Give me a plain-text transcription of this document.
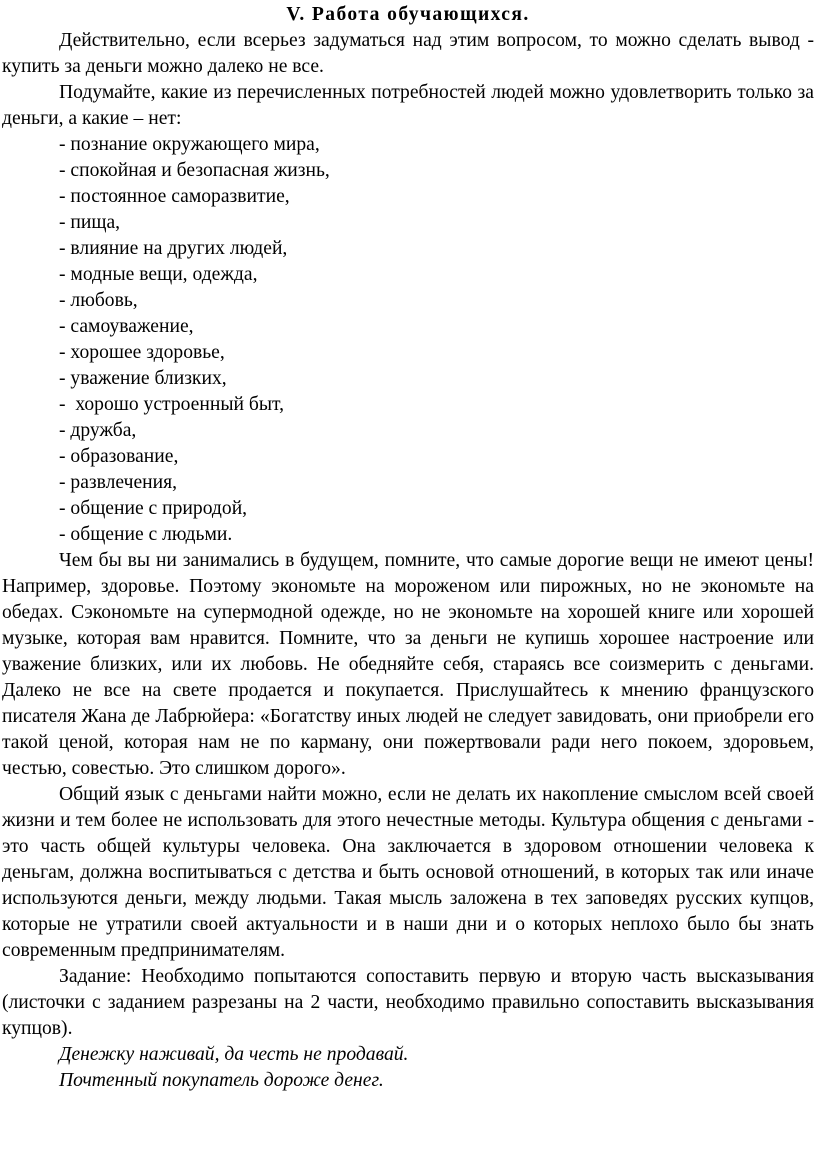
V. Работа обучающихся.

Действительно, если всерьез задуматься над этим вопросом, то можно сделать вывод - купить за деньги можно далеко не все.

Подумайте, какие из перечисленных потребностей людей можно удовлетворить только за деньги, а какие – нет:

- познание окружающего мира,
- спокойная и безопасная жизнь,
- постоянное саморазвитие,
- пища,
- влияние на других людей,
- модные вещи, одежда,
- любовь,
- самоуважение,
- хорошее здоровье,
- уважение близких,
-  хорошо устроенный быт,
- дружба,
- образование,
- развлечения,
- общение с природой,
- общение с людьми.

Чем бы вы ни занимались в будущем, помните, что самые дорогие вещи не имеют цены! Например, здоровье. Поэтому экономьте на мороженом или пирожных, но не экономьте на обедах. Сэкономьте на супермодной одежде, но не экономьте на хорошей книге или хорошей музыке, которая вам нравится. Помните, что за деньги не купишь хорошее настроение или уважение близких, или их любовь. Не обедняйте себя, стараясь все соизмерить с деньгами. Далеко не все на свете продается и покупается. Прислушайтесь к мнению французского писателя Жана де Лабрюйера: «Богатству иных людей не следует завидовать, они приобрели его такой ценой, которая нам не по карману, они пожертвовали ради него покоем, здоровьем, честью, совестью. Это слишком дорого».

Общий язык с деньгами найти можно, если не делать их накопление смыслом всей своей жизни и тем более не использовать для этого нечестные методы. Культура общения с деньгами - это часть общей культуры человека. Она заключается в здоровом отношении человека к деньгам, должна воспитываться с детства и быть основой отношений, в которых так или иначе используются деньги, между людьми. Такая мысль заложена в тех заповедях русских купцов, которые не утратили своей актуальности и в наши дни и о которых неплохо было бы знать современным предпринимателям.

Задание: Необходимо попытаются сопоставить первую и вторую часть высказывания (листочки с заданием разрезаны на 2 части, необходимо правильно сопоставить высказывания купцов).

Денежку наживай, да честь не продавай.

Почтенный покупатель дороже денег.
